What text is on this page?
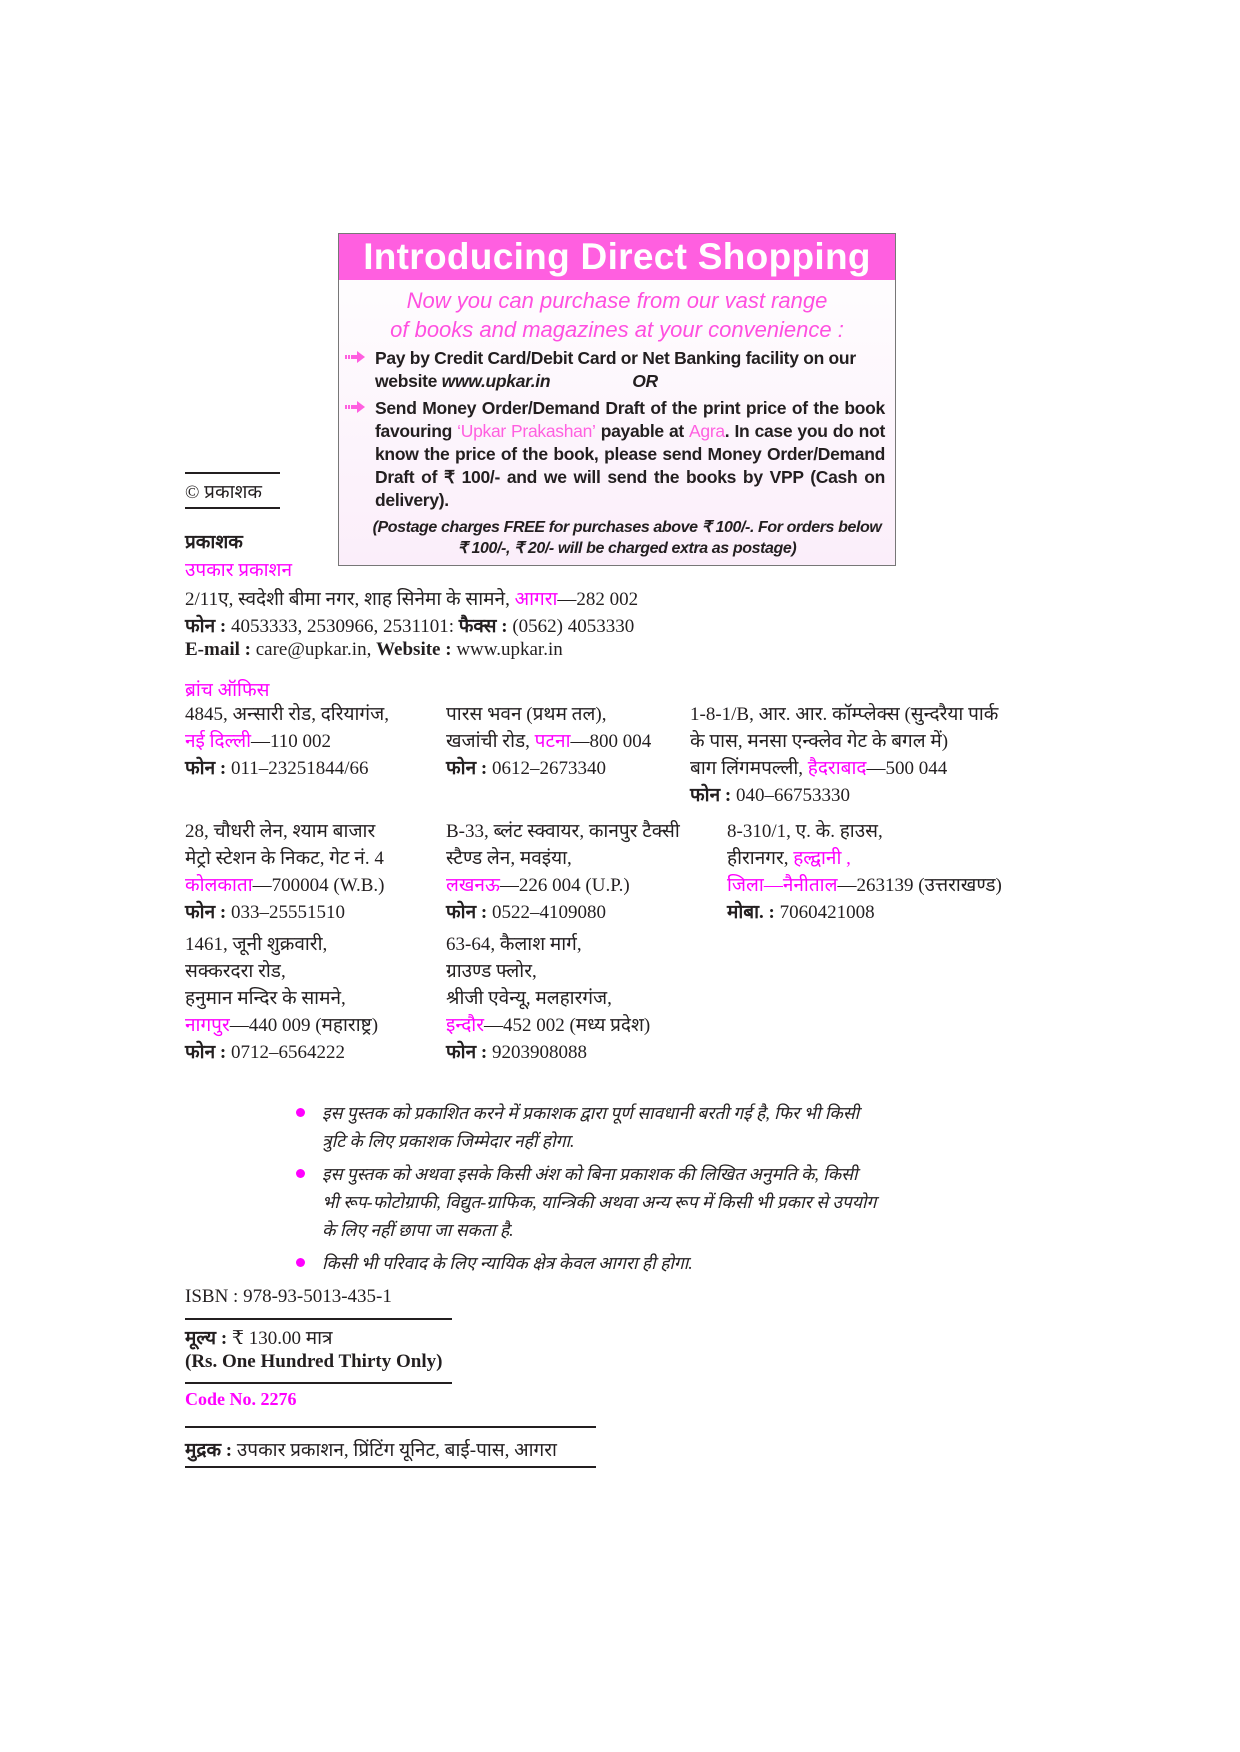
Introducing Direct Shopping
Now you can purchase from our vast range
of books and magazines at your convenience :
Pay by Credit Card/Debit Card or Net Banking facility on our
website www.upkar.in	OR
Send Money Order/Demand Draft of the print price of the book favouring ‘Upkar Prakashan’ payable at Agra. In case you do not know the price of the book, please send Money Order/Demand Draft of ₹ 100/- and we will send the books by VPP (Cash on delivery).
(Postage charges FREE for purchases above ₹ 100/-. For orders below
₹ 100/-, ₹ 20/- will be charged extra as postage)
© प्रकाशक
प्रकाशक
उपकार प्रकाशन
2/11ए, स्वदेशी बीमा नगर, शाह सिनेमा के सामने, आगरा—282 002
फोन : 4053333, 2530966, 2531101: फैक्स : (0562) 4053330
E-mail : care@upkar.in, Website : www.upkar.in
ब्रांच ऑफिस
4845, अन्सारी रोड, दरियागंज,
नई दिल्ली—110 002
फोन : 011–23251844/66
पारस भवन (प्रथम तल),
खजांची रोड, पटना—800 004
फोन : 0612–2673340
1-8-1/B, आर. आर. कॉम्प्लेक्स (सुन्दरैया पार्क
के पास, मनसा एन्क्लेव गेट के बगल में)
बाग लिंगमपल्ली, हैदराबाद—500 044
फोन : 040–66753330
28, चौधरी लेन, श्याम बाजार
मेट्रो स्टेशन के निकट, गेट नं. 4
कोलकाता—700004 (W.B.)
फोन : 033–25551510
B-33, ब्लंट स्क्वायर, कानपुर टैक्सी
स्टैण्ड लेन, मवइंया,
लखनऊ—226 004 (U.P.)
फोन : 0522–4109080
8-310/1, ए. के. हाउस,
हीरानगर, हल्द्वानी ,
जिला—नैनीताल—263139 (उत्तराखण्ड)
मोबा. : 7060421008
1461, जूनी शुक्रवारी,
सक्करदरा रोड,
हनुमान मन्दिर के सामने,
नागपुर—440 009 (महाराष्ट्र)
फोन : 0712–6564222
63-64, कैलाश मार्ग,
ग्राउण्ड फ्लोर,
श्रीजी एवेन्यू, मलहारगंज,
इन्दौर—452 002 (मध्य प्रदेश)
फोन : 9203908088
इस पुस्तक को प्रकाशित करने में प्रकाशक द्वारा पूर्ण सावधानी बरती गई है, फिर भी किसी
त्रुटि के लिए प्रकाशक जिम्मेदार नहीं होगा.
इस पुस्तक को अथवा इसके किसी अंश को बिना प्रकाशक की लिखित अनुमति के, किसी
भी रूप-फोटोग्राफी, विद्युत-ग्राफिक, यान्त्रिकी अथवा अन्य रूप में किसी भी प्रकार से उपयोग
के लिए नहीं छापा जा सकता है.
किसी भी परिवाद के लिए न्यायिक क्षेत्र केवल आगरा ही होगा.
ISBN : 978-93-5013-435-1
मूल्य : ₹ 130.00 मात्र
(Rs. One Hundred Thirty Only)
Code No. 2276
मुद्रक : उपकार प्रकाशन, प्रिंटिंग यूनिट, बाई-पास, आगरा
